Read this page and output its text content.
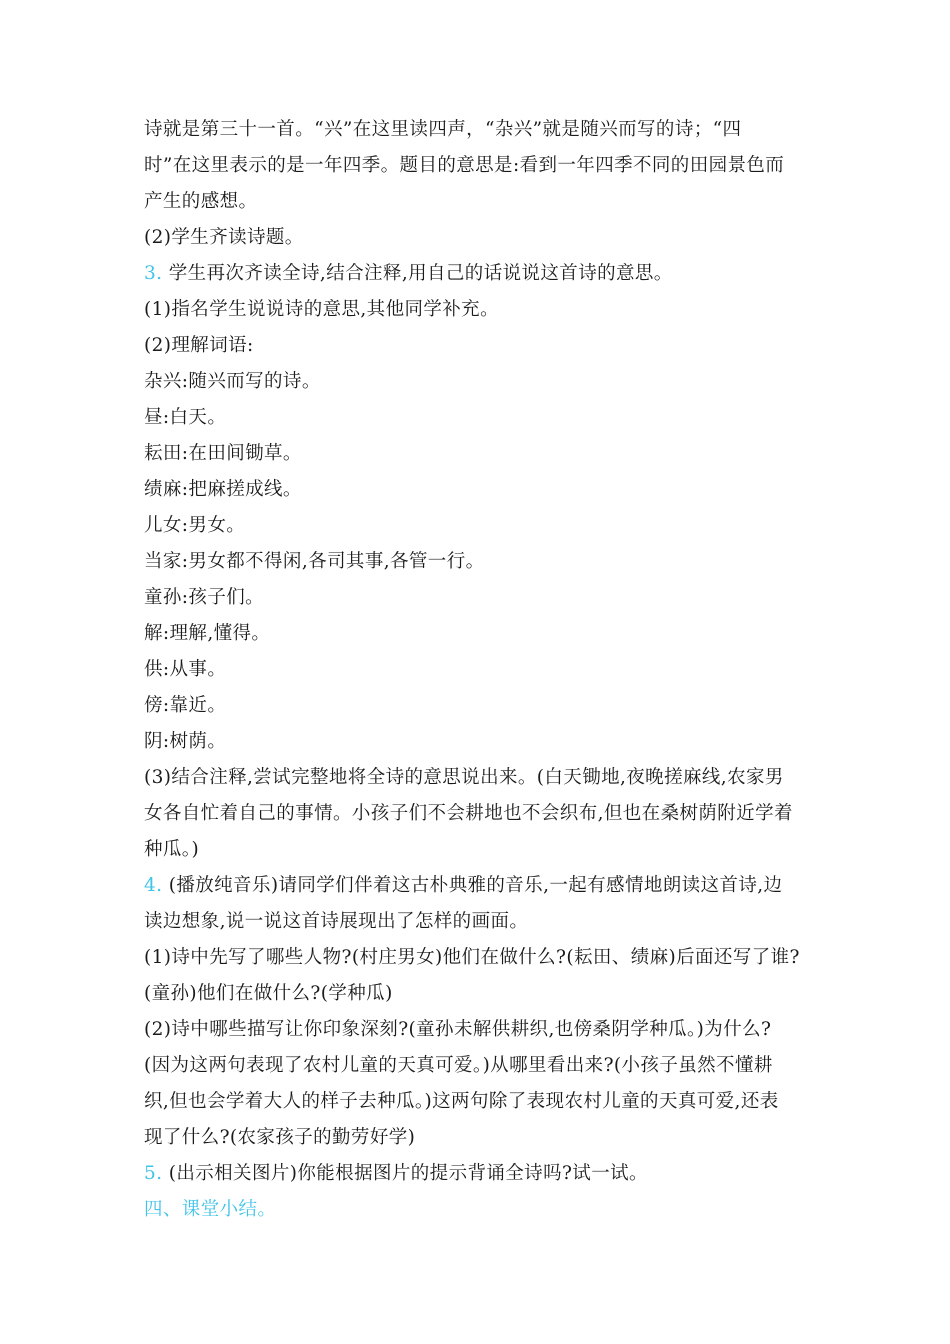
诗就是第三十一首。“兴”在这里读四声，“杂兴”就是随兴而写的诗；“四
时”在这里表示的是一年四季。题目的意思是:看到一年四季不同的田园景色而
产生的感想。
(2)学生齐读诗题。
3. 学生再次齐读全诗,结合注释,用自己的话说说这首诗的意思。
(1)指名学生说说诗的意思,其他同学补充。
(2)理解词语:
杂兴:随兴而写的诗。
昼:白天。
耘田:在田间锄草。
绩麻:把麻搓成线。
儿女:男女。
当家:男女都不得闲,各司其事,各管一行。
童孙:孩子们。
解:理解,懂得。
供:从事。
傍:靠近。
阴:树荫。
(3)结合注释,尝试完整地将全诗的意思说出来。(白天锄地,夜晚搓麻线,农家男
女各自忙着自己的事情。小孩子们不会耕地也不会织布,但也在桑树荫附近学着
种瓜。)
4. (播放纯音乐)请同学们伴着这古朴典雅的音乐,一起有感情地朗读这首诗,边
读边想象,说一说这首诗展现出了怎样的画面。
(1)诗中先写了哪些人物?(村庄男女)他们在做什么?(耘田、绩麻)后面还写了谁?
(童孙)他们在做什么?(学种瓜)
(2)诗中哪些描写让你印象深刻?(童孙未解供耕织,也傍桑阴学种瓜。)为什么?
(因为这两句表现了农村儿童的天真可爱。)从哪里看出来?(小孩子虽然不懂耕
织,但也会学着大人的样子去种瓜。)这两句除了表现农村儿童的天真可爱,还表
现了什么?(农家孩子的勤劳好学)
5. (出示相关图片)你能根据图片的提示背诵全诗吗?试一试。
四、课堂小结。
